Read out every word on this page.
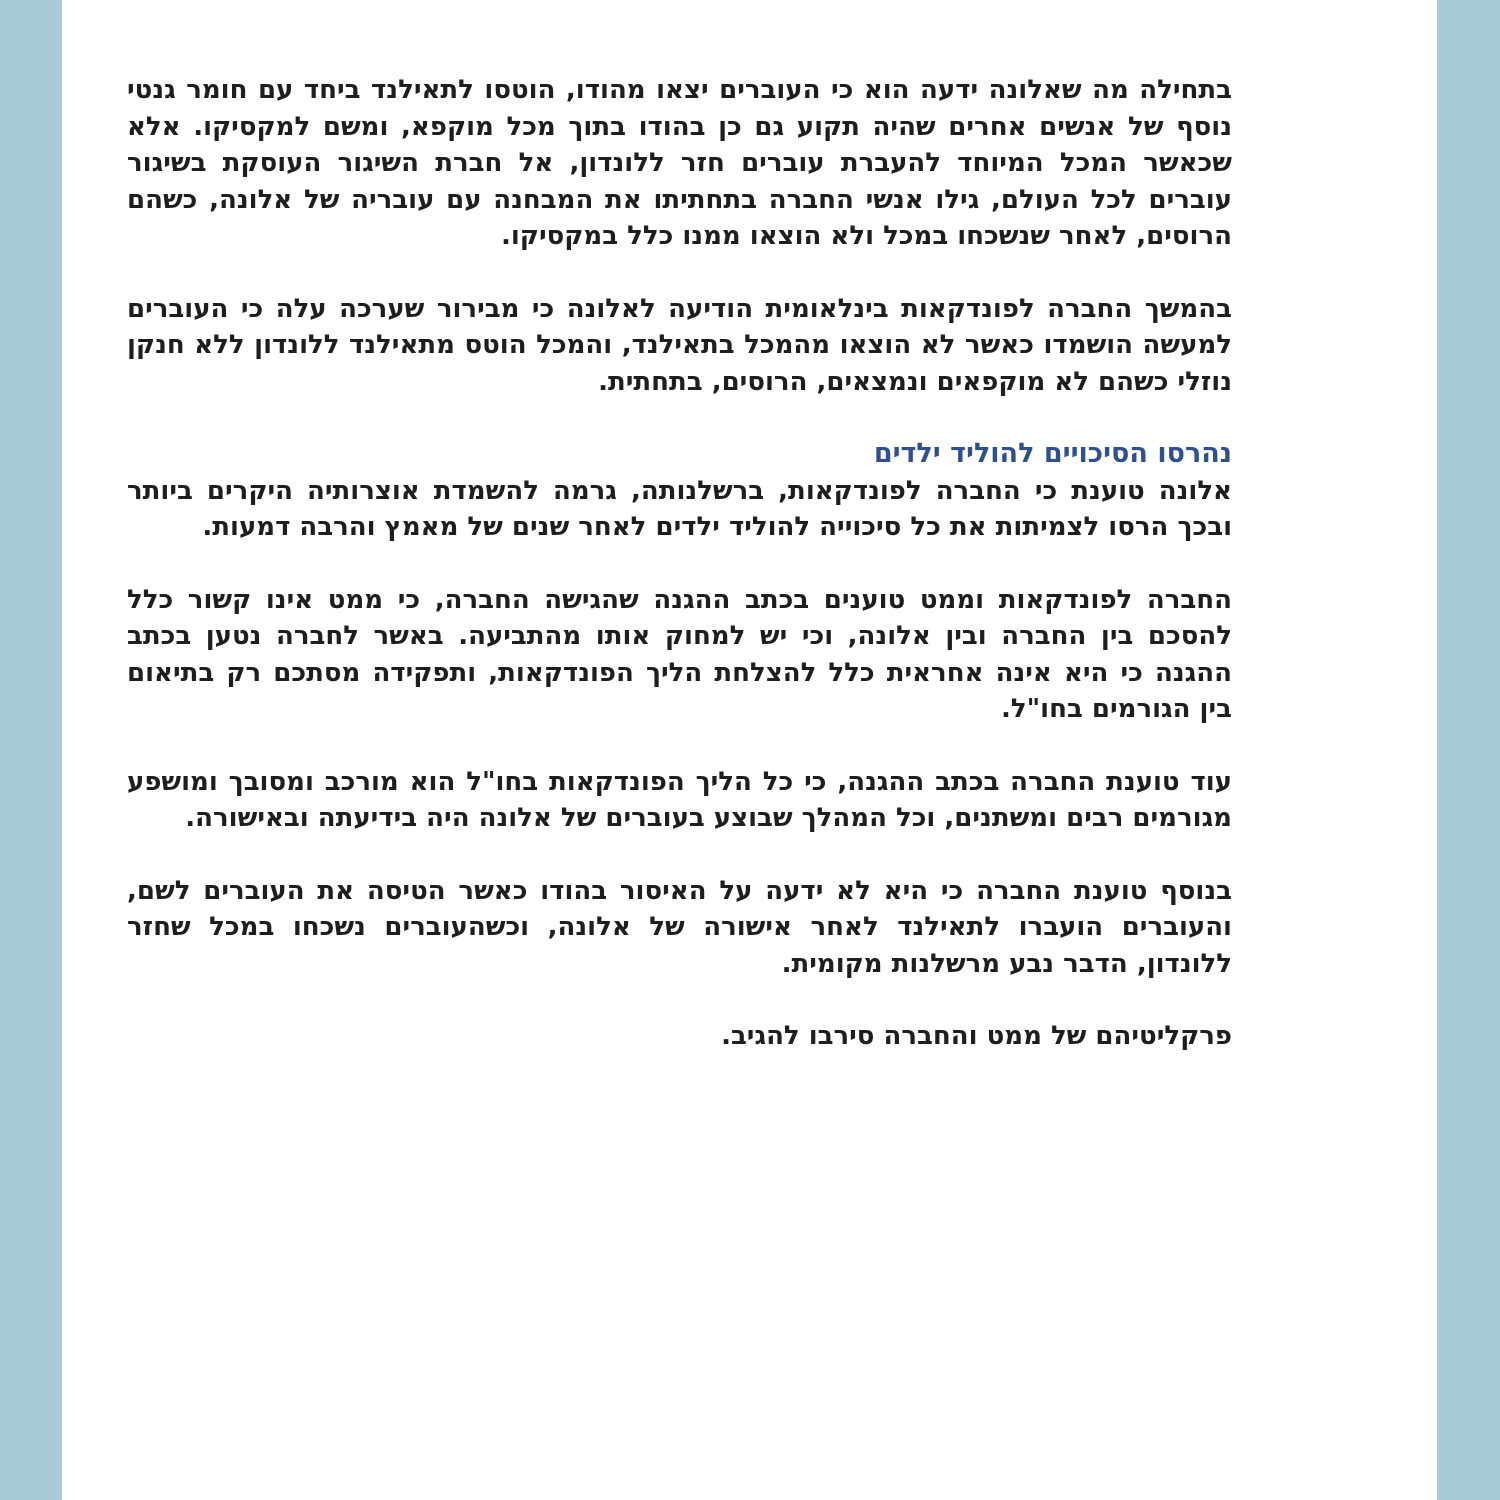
בתחילה מה שאלונה ידעה הוא כי העוברים יצאו מהודו, הוטסו לתאילנד ביחד עם חומר גנטי נוסף של אנשים אחרים שהיה תקוע גם כן בהודו בתוך מכל מוקפא, ומשם למקסיקו. אלא שכאשר המכל המיוחד להעברת עוברים חזר ללונדון, אל חברת השיגור העוסקת בשיגור עוברים לכל העולם, גילו אנשי החברה בתחתיתו את המבחנה עם עובריה של אלונה, כשהם הרוסים, לאחר שנשכחו במכל ולא הוצאו ממנו כלל במקסיקו.

בהמשך החברה לפונדקאות בינלאומית הודיעה לאלונה כי מבירור שערכה עלה כי העוברים למעשה הושמדו כאשר לא הוצאו מהמכל בתאילנד, והמכל הוטס מתאילנד ללונדון ללא חנקן נוזלי כשהם לא מוקפאים ונמצאים, הרוסים, בתחתית.

נהרסו הסיכויים להוליד ילדים

אלונה טוענת כי החברה לפונדקאות, ברשלנותה, גרמה להשמדת אוצרותיה היקרים ביותר ובכך הרסו לצמיתות את כל סיכוייה להוליד ילדים לאחר שנים של מאמץ והרבה דמעות.

החברה לפונדקאות וממט טוענים בכתב ההגנה שהגישה החברה, כי ממט אינו קשור כלל להסכם בין החברה ובין אלונה, וכי יש למחוק אותו מהתביעה. באשר לחברה נטען בכתב ההגנה כי היא אינה אחראית כלל להצלחת הליך הפונדקאות, ותפקידה מסתכם רק בתיאום בין הגורמים בחו"ל.

עוד טוענת החברה בכתב ההגנה, כי כל הליך הפונדקאות בחו"ל הוא מורכב ומסובך ומושפע מגורמים רבים ומשתנים, וכל המהלך שבוצע בעוברים של אלונה היה בידיעתה ובאישורה.

בנוסף טוענת החברה כי היא לא ידעה על האיסור בהודו כאשר הטיסה את העוברים לשם, והעוברים הועברו לתאילנד לאחר אישורה של אלונה, וכשהעוברים נשכחו במכל שחזר ללונדון, הדבר נבע מרשלנות מקומית.

פרקליטיהם של ממט והחברה סירבו להגיב.
